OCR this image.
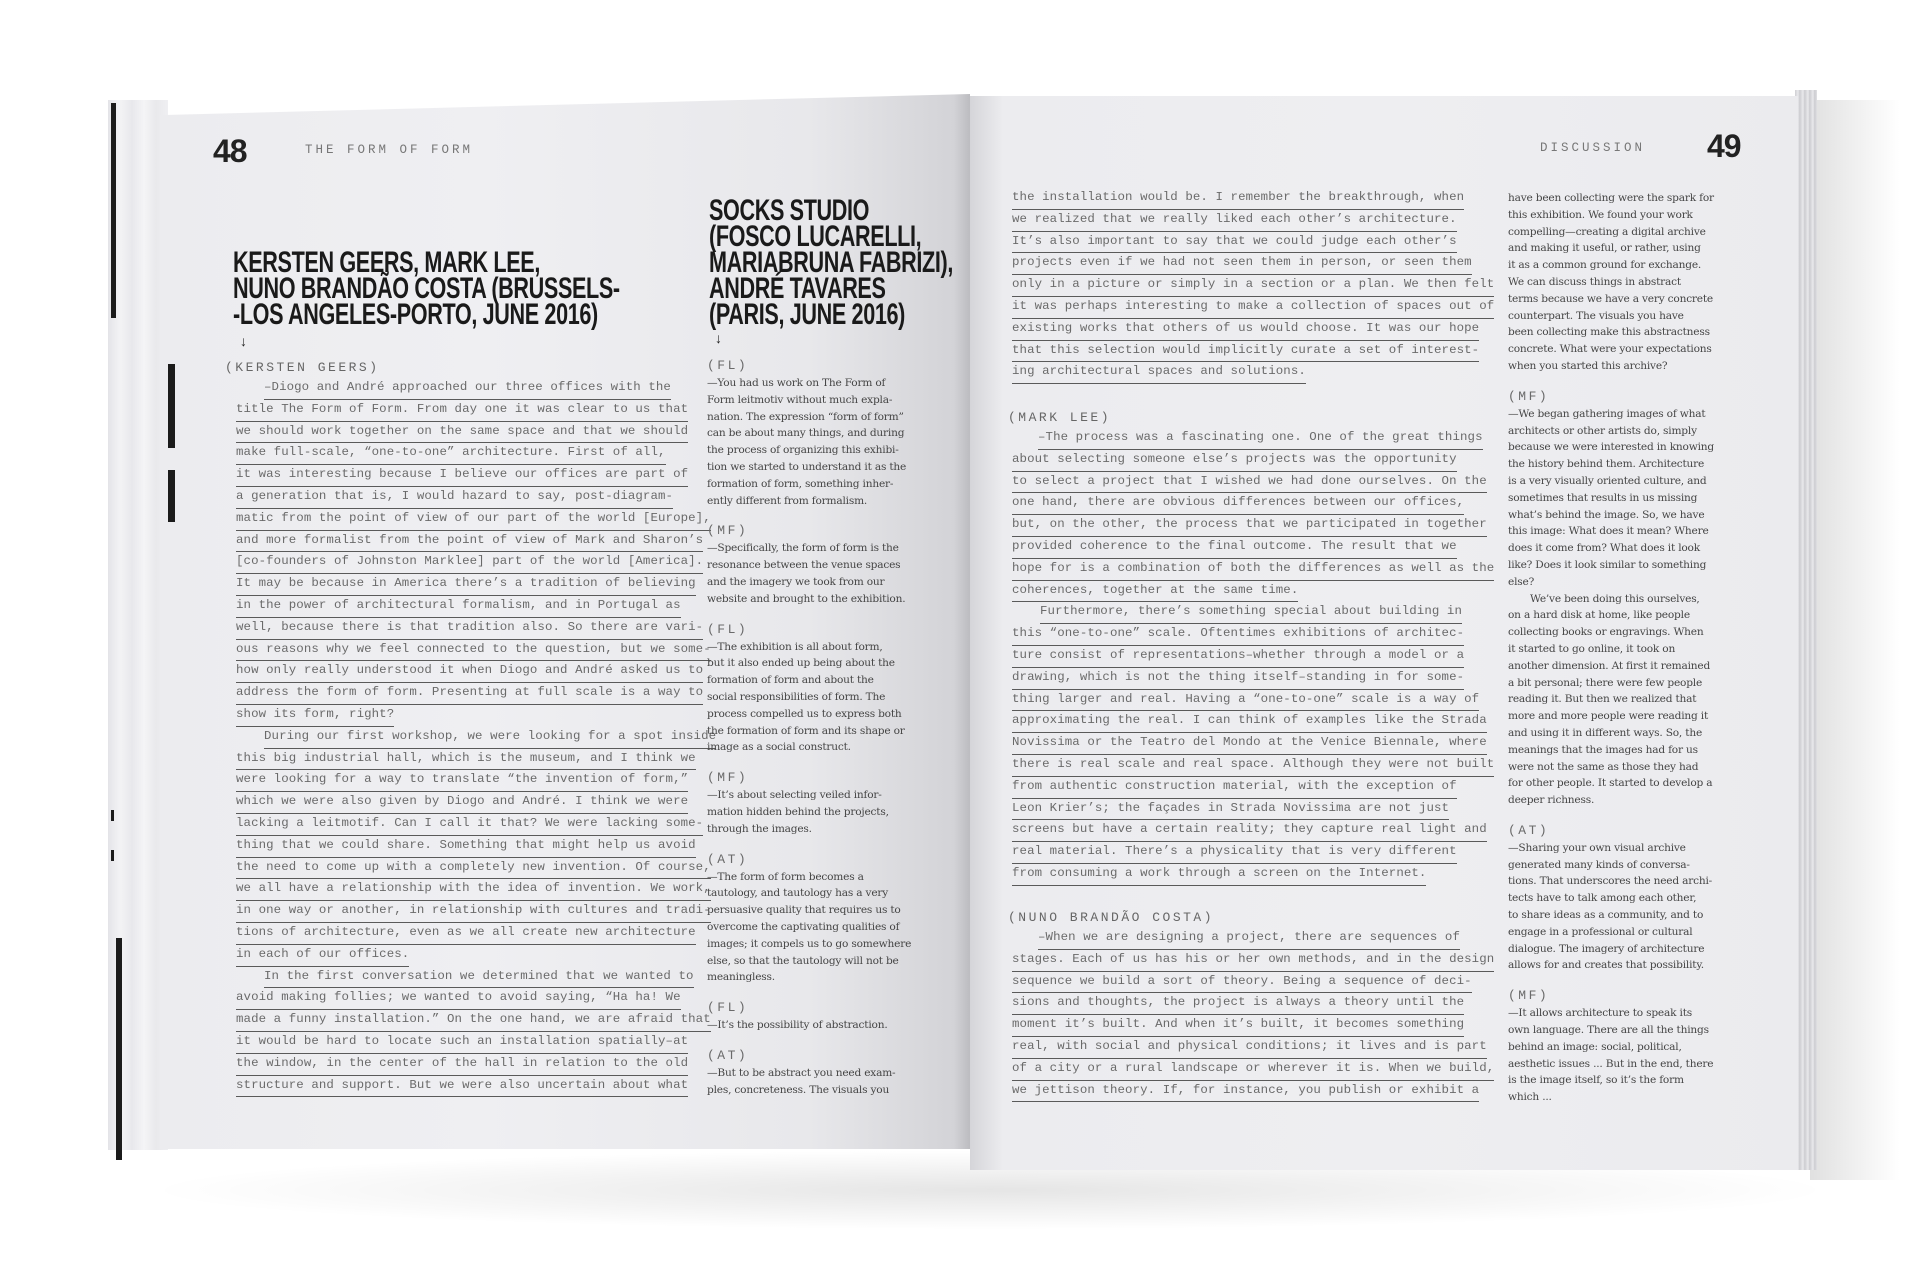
48	THE FORM OF FORM
KERSTEN GEERS, MARK LEE,
NUNO BRANDÃO COSTA (BRUSSELS-
-LOS ANGELES-PORTO, JUNE 2016)
↓
(KERSTEN GEERS)
–Diogo and André approached our three offices with the
title The Form of Form. From day one it was clear to us that
we should work together on the same space and that we should
make full-scale, “one-to-one” architecture. First of all,
it was interesting because I believe our offices are part of
a generation that is, I would hazard to say, post-diagram-
matic from the point of view of our part of the world [Europe],
and more formalist from the point of view of Mark and Sharon’s
[co-founders of Johnston Marklee] part of the world [America].
It may be because in America there’s a tradition of believing
in the power of architectural formalism, and in Portugal as
well, because there is that tradition also. So there are vari-
ous reasons why we feel connected to the question, but we some-
how only really understood it when Diogo and André asked us to
address the form of form. Presenting at full scale is a way to
show its form, right?
During our first workshop, we were looking for a spot inside
this big industrial hall, which is the museum, and I think we
were looking for a way to translate “the invention of form,”
which we were also given by Diogo and André. I think we were
lacking a leitmotif. Can I call it that? We were lacking some-
thing that we could share. Something that might help us avoid
the need to come up with a completely new invention. Of course,
we all have a relationship with the idea of invention. We work,
in one way or another, in relationship with cultures and tradi-
tions of architecture, even as we all create new architecture
in each of our offices.
In the first conversation we determined that we wanted to
avoid making follies; we wanted to avoid saying, “Ha ha! We
made a funny installation.” On the one hand, we are afraid that
it would be hard to locate such an installation spatially–at
the window, in the center of the hall in relation to the old
structure and support. But we were also uncertain about what
SOCKS STUDIO
(FOSCO LUCARELLI,
MARIABRUNA FABRIZI),
ANDRÉ TAVARES
(PARIS, JUNE 2016)
↓
(FL)

—You had us work on The Form of
Form leitmotiv without much expla-
nation. The expression “form of form”
can be about many things, and during
the process of organizing this exhibi-
tion we started to understand it as the
formation of form, something inher-
ently different from formalism.

(MF)

—Specifically, the form of form is the
resonance between the venue spaces
and the imagery we took from our
website and brought to the exhibition.

(FL)

—The exhibition is all about form,
but it also ended up being about the
formation of form and about the
social responsibilities of form. The
process compelled us to express both
the formation of form and its shape or
image as a social construct.

(MF)

—It’s about selecting veiled infor-
mation hidden behind the projects,
through the images.

(AT)

—The form of form becomes a
tautology, and tautology has a very
persuasive quality that requires us to
overcome the captivating qualities of
images; it compels us to go somewhere
else, so that the tautology will not be
meaningless.

(FL)

—It’s the possibility of abstraction.

(AT)

—But to be abstract you need exam-
ples, concreteness. The visuals you

DISCUSSION 49
the installation would be. I remember the breakthrough, when
we realized that we really liked each other’s architecture.
It’s also important to say that we could judge each other’s
projects even if we had not seen them in person, or seen them
only in a picture or simply in a section or a plan. We then felt
it was perhaps interesting to make a collection of spaces out of
existing works that others of us would choose. It was our hope
that this selection would implicitly curate a set of interest-
ing architectural spaces and solutions.
(MARK LEE)
–The process was a fascinating one. One of the great things
about selecting someone else’s projects was the opportunity
to select a project that I wished we had done ourselves. On the
one hand, there are obvious differences between our offices,
but, on the other, the process that we participated in together
provided coherence to the final outcome. The result that we
hope for is a combination of both the differences as well as the
coherences, together at the same time.
Furthermore, there’s something special about building in
this “one-to-one” scale. Oftentimes exhibitions of architec-
ture consist of representations–whether through a model or a
drawing, which is not the thing itself–standing in for some-
thing larger and real. Having a “one-to-one” scale is a way of
approximating the real. I can think of examples like the Strada
Novissima or the Teatro del Mondo at the Venice Biennale, where
there is real scale and real space. Although they were not built
from authentic construction material, with the exception of
Leon Krier’s; the façades in Strada Novissima are not just
screens but have a certain reality; they capture real light and
real material. There’s a physicality that is very different
from consuming a work through a screen on the Internet.
(NUNO BRANDÃO COSTA)
–When we are designing a project, there are sequences of
stages. Each of us has his or her own methods, and in the design
sequence we build a sort of theory. Being a sequence of deci-
sions and thoughts, the project is always a theory until the
moment it’s built. And when it’s built, it becomes something
real, with social and physical conditions; it lives and is part
of a city or a rural landscape or wherever it is. When we build,
we jettison theory. If, for instance, you publish or exhibit a

have been collecting were the spark for
this exhibition. We found your work
compelling—creating a digital archive
and making it useful, or rather, using
it as a common ground for exchange.
We can discuss things in abstract
terms because we have a very concrete
counterpart. The visuals you have
been collecting make this abstractness
concrete. What were your expectations
when you started this archive?

(MF)

—We began gathering images of what
architects or other artists do, simply
because we were interested in knowing
the history behind them. Architecture
is a very visually oriented culture, and
sometimes that results in us missing
what’s behind the image. So, we have
this image: What does it mean? Where
does it come from? What does it look
like? Does it look similar to something
else?
We’ve been doing this ourselves,
on a hard disk at home, like people
collecting books or engravings. When
it started to go online, it took on
another dimension. At first it remained
a bit personal; there were few people
reading it. But then we realized that
more and more people were reading it
and using it in different ways. So, the
meanings that the images had for us
were not the same as those they had
for other people. It started to develop a
deeper richness.

(AT)

—Sharing your own visual archive
generated many kinds of conversa-
tions. That underscores the need archi-
tects have to talk among each other,
to share ideas as a community, and to
engage in a professional or cultural
dialogue. The imagery of architecture
allows for and creates that possibility.

(MF)

—It allows architecture to speak its
own language. There are all the things
behind an image: social, political,
aesthetic issues ... But in the end, there
is the image itself, so it’s the form
which ...
